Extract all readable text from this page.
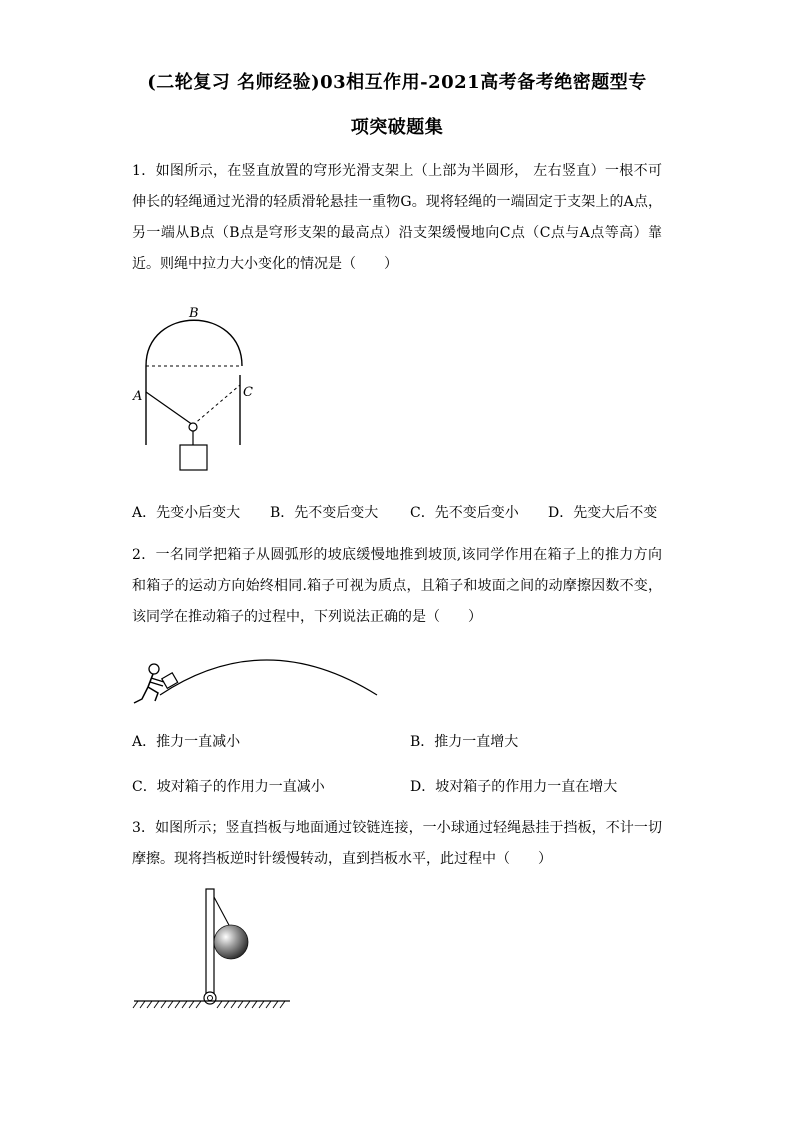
(二轮复习 名师经验)03相互作用-2021高考备考绝密题型专
项突破题集
1．如图所示，在竖直放置的穹形光滑支架上（上部为半圆形， 左右竖直）一根不可伸长的轻绳通过光滑的轻质滑轮悬挂一重物G。现将轻绳的一端固定于支架上的A点，另一端从B点（B点是穹形支架的最高点）沿支架缓慢地向C点（C点与A点等高）靠近。则绳中拉力大小变化的情况是（　　）
B
A	C
A．先变小后变大 B．先不变后变大 C．先不变后变小 D．先变大后不变
2．一名同学把箱子从圆弧形的坡底缓慢地推到坡顶,该同学作用在箱子上的推力方向和箱子的运动方向始终相同.箱子可视为质点，且箱子和坡面之间的动摩擦因数不变，该同学在推动箱子的过程中，下列说法正确的是（　　）
A．推力一直减小	B．推力一直增大
C．坡对箱子的作用力一直减小	D．坡对箱子的作用力一直在增大
3．如图所示；竖直挡板与地面通过铰链连接，一小球通过轻绳悬挂于挡板，不计一切摩擦。现将挡板逆时针缓慢转动，直到挡板水平，此过程中（　　）
